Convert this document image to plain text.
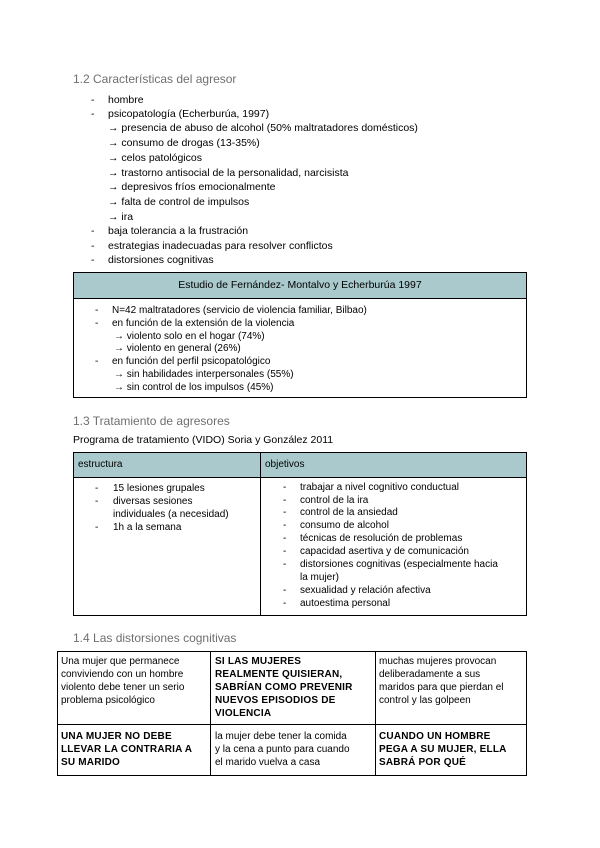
1.2 Características del agresor
- hombre
- psicopatología (Echerburúa, 1997)
→ presencia de abuso de alcohol (50% maltratadores domésticos)
→ consumo de drogas (13-35%)
→ celos patológicos
→ trastorno antisocial de la personalidad, narcisista
→ depresivos fríos emocionalmente
→ falta de control de impulsos
→ ira
- baja tolerancia a la frustración
- estrategias inadecuadas para resolver conflictos
- distorsiones cognitivas
Estudio de Fernández- Montalvo y Echerburúa 1997
- N=42 maltratadores (servicio de violencia familiar, Bilbao)
- en función de la extensión de la violencia
→ violento solo en el hogar (74%)
→ violento en general (26%)
- en función del perfil psicopatológico
→ sin habilidades interpersonales (55%)
→ sin control de los impulsos (45%)
1.3 Tratamiento de agresores
Programa de tratamiento (VIDO) Soria y González 2011
estructura	objetivos
- 15 lesiones grupales
- diversas sesiones
individuales (a necesidad)
- 1h a la semana
- trabajar a nivel cognitivo conductual
- control de la ira
- control de la ansiedad
- consumo de alcohol
- técnicas de resolución de problemas
- capacidad asertiva y de comunicación
- distorsiones cognitivas (especialmente hacia
la mujer)
- sexualidad y relación afectiva
- autoestima personal
1.4 Las distorsiones cognitivas
Una mujer que permanece
conviviendo con un hombre
violento debe tener un serio
problema psicológico
SI LAS MUJERES
REALMENTE QUISIERAN,
SABRÍAN COMO PREVENIR
NUEVOS EPISODIOS DE
VIOLENCIA
muchas mujeres provocan
deliberadamente a sus
maridos para que pierdan el
control y las golpeen
UNA MUJER NO DEBE
LLEVAR LA CONTRARIA A
SU MARIDO
la mujer debe tener la comida
y la cena a punto para cuando
el marido vuelva a casa
CUANDO UN HOMBRE
PEGA A SU MUJER, ELLA
SABRÁ POR QUÉ
